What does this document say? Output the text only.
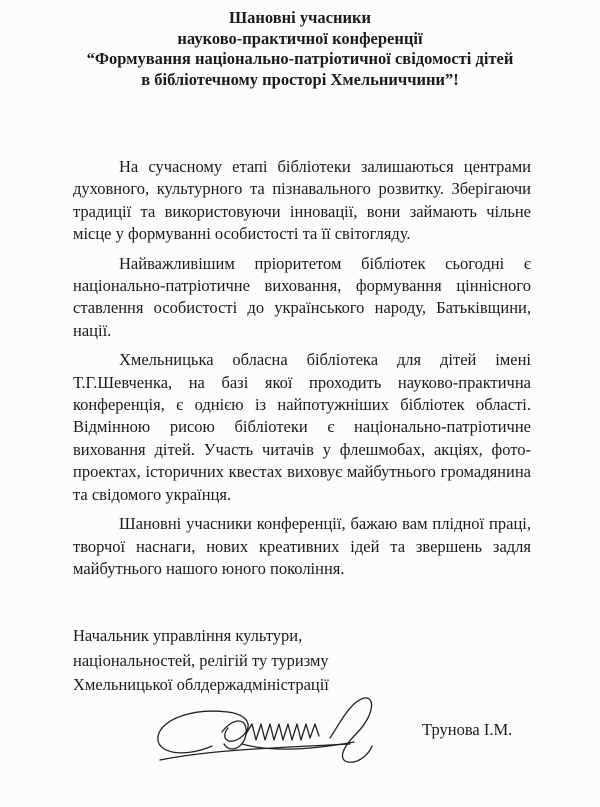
Шановні учасники
науково-практичної конференції
“Формування національно-патріотичної свідомості дітей
в бібліотечному просторі Хмельниччини”!

На сучасному етапі бібліотеки залишаються центрами духовного, культурного та пізнавального розвитку. Зберігаючи традиції та використовуючи інновації, вони займають чільне місце у формуванні особистості та її світогляду.

Найважливішим пріоритетом бібліотек сьогодні є національно-патріотичне виховання, формування ціннісного ставлення особистості до українського народу, Батьківщини, нації.

Хмельницька обласна бібліотека для дітей імені Т.Г.Шевченка, на базі якої проходить науково-практична конференція, є однією із найпотужніших бібліотек області. Відмінною рисою бібліотеки є національно-патріотичне виховання дітей. Участь читачів у флешмобах, акціях, фото-проектах, історичних квестах виховує майбутнього громадянина та свідомого українця.

Шановні учасники конференції, бажаю вам плідної праці, творчої наснаги, нових креативних ідей та звершень задля майбутнього нашого юного покоління.

Начальник управління культури,
національностей, релігій ту туризму
Хмельницької облдержадміністрації
Трунова І.М.
